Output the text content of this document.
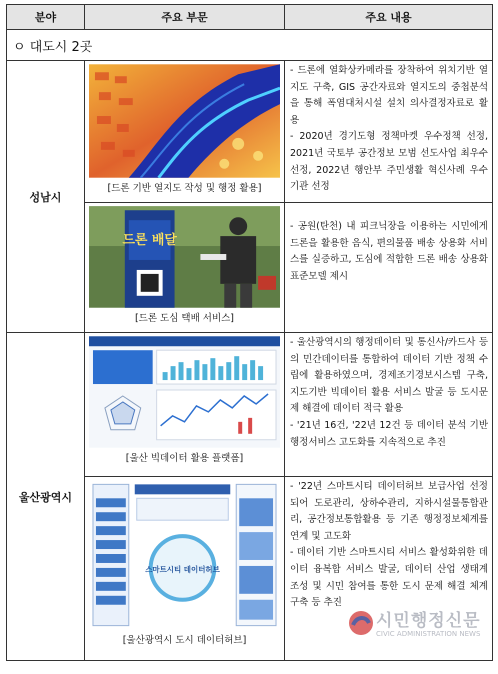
분야	주요 부문	주요 내용
ㅇ 대도시 2곳		
성남시	[드론 기반 열지도 작성 및 행정 활용]	- 드론에 열화상카메라를 장착하여 위치기반 열지도 구축, GIS 공간자료와 열지도의 중첩분석을 통해 폭염대처시설 설치 의사결정자료로 활용
- 2020년 경기도형 정책마켓 우수정책 선정, 2021년 국토부 공간정보 모범 선도사업 최우수 선정, 2022년 행안부 주민생활 혁신사례 우수기관 선정

드론 배달
[드론 도심 택배 서비스]	- 공원(탄천) 내 피크닉장을 이용하는 시민에게 드론을 활용한 음식, 편의물품 배송 상용화 서비스를 실증하고, 도심에 적합한 드론 배송 상용화 표준모델 제시

울산광역시	[울산 빅데이터 활용 플랫폼]	- 울산광역시의 행정데이터 및 통신사/카드사 등의 민간데이터를 통합하여 데이터 기반 정책 수립에 활용하였으며, 경제조기경보시스템 구축, 지도기반 빅데이터 활용 서비스 발굴 등 도시문제 해결에 데이터 적극 활용
- '21년 16건, '22년 12건 등 데이터 분석 기반 행정서비스 고도화를 지속적으로 추진

스마트시티 데이터허브
[울산광역시 도시 데이터허브]	- '22년 스마트시티 데이터허브 보급사업 선정되어 도로관리, 상하수관리, 지하시설물통합관리, 공간정보통합활용 등 기존 행정정보체계를 연계 및 고도화
- 데이터 기반 스마트시티 서비스 활성화위한 데이터 융복합 서비스 발굴, 데이터 산업 생태계 조성 및 시민 참여를 통한 도시 문제 해결 체계 구축 등 추진

시민행정신문
CIVIC ADMINISTRATION NEWS
